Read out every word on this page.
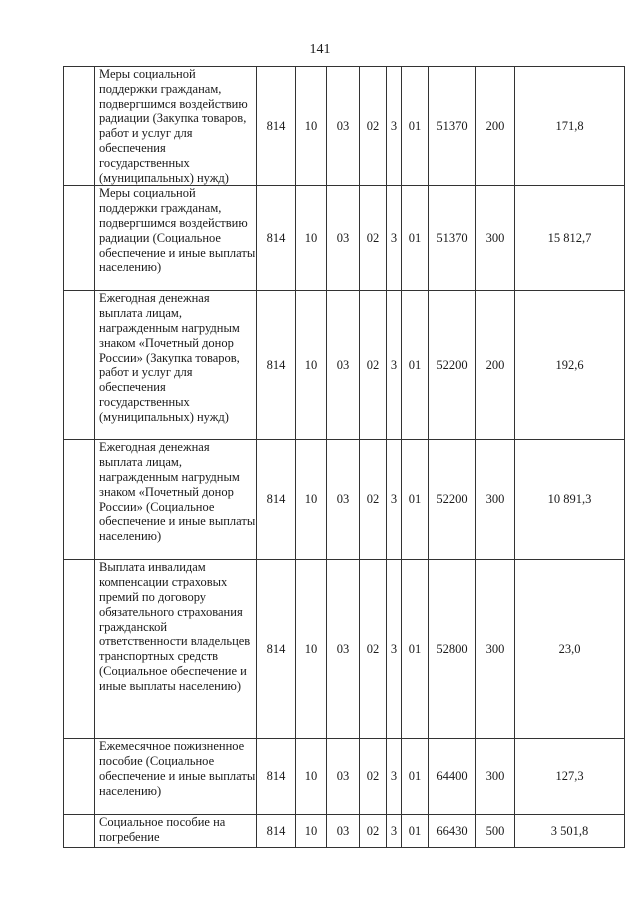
141
	Меры социальной поддержки гражданам, подвергшимся воздействию радиации (Закупка товаров, работ и услуг для обеспечения государственных (муниципальных) нужд)	814	10	03	02	3	01	51370	200	171,8
	Меры социальной поддержки гражданам, подвергшимся воздействию радиации (Социальное обеспечение и иные выплаты населению)	814	10	03	02	3	01	51370	300	15 812,7
	Ежегодная денежная выплата лицам, награжденным нагрудным знаком «Почетный донор России» (Закупка товаров, работ и услуг для обеспечения государственных (муниципальных) нужд)	814	10	03	02	3	01	52200	200	192,6
	Ежегодная денежная выплата лицам, награжденным нагрудным знаком «Почетный донор России» (Социальное обеспечение и иные выплаты населению)	814	10	03	02	3	01	52200	300	10 891,3
	Выплата инвалидам компенсации страховых премий по договору обязательного страхования гражданской ответственности владельцев транспортных средств (Социальное обеспечение и иные выплаты населению)	814	10	03	02	3	01	52800	300	23,0
	Ежемесячное пожизненное пособие (Социальное обеспечение и иные выплаты населению)	814	10	03	02	3	01	64400	300	127,3
	Социальное пособие на погребение	814	10	03	02	3	01	66430	500	3 501,8
